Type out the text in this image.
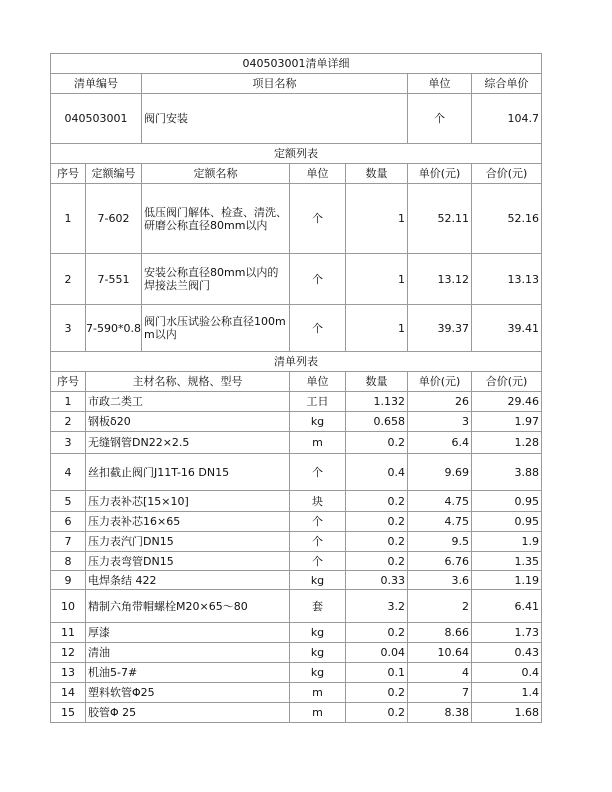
040503001清单详细						
清单编号		项目名称			单位	综合单价
040503001		阀门安装			个	104.7
定额列表						
序号	定额编号	定额名称	单位	数量	单价(元)	合价(元)
1	7-602	低压阀门解体、检查、清洗、研磨公称直径80mm以内	个	1	52.11	52.16
2	7-551	安装公称直径80mm以内的焊接法兰阀门	个	1	13.12	13.13
3	7-590*0.8	阀门水压试验公称直径100mm以内	个	1	39.37	39.41
清单列表						
序号	主材名称、规格、型号		单位	数量	单价(元)	合价(元)
1	市政二类工		工日	1.132	26	29.46
2	钢板δ20		kg	0.658	3	1.97
3	无缝钢管DN22×2.5		m	0.2	6.4	1.28
4	丝扣截止阀门J11T-16 DN15		个	0.4	9.69	3.88
5	压力表补芯[15×10]		块	0.2	4.75	0.95
6	压力表补芯16×65		个	0.2	4.75	0.95
7	压力表汽门DN15		个	0.2	9.5	1.9
8	压力表弯管DN15		个	0.2	6.76	1.35
9	电焊条结 422		kg	0.33	3.6	1.19
10	精制六角带帽螺栓M20×65～80		套	3.2	2	6.41
11	厚漆		kg	0.2	8.66	1.73
12	清油		kg	0.04	10.64	0.43
13	机油5-7#		kg	0.1	4	0.4
14	塑料软管Φ25		m	0.2	7	1.4
15	胶管Φ 25		m	0.2	8.38	1.68
